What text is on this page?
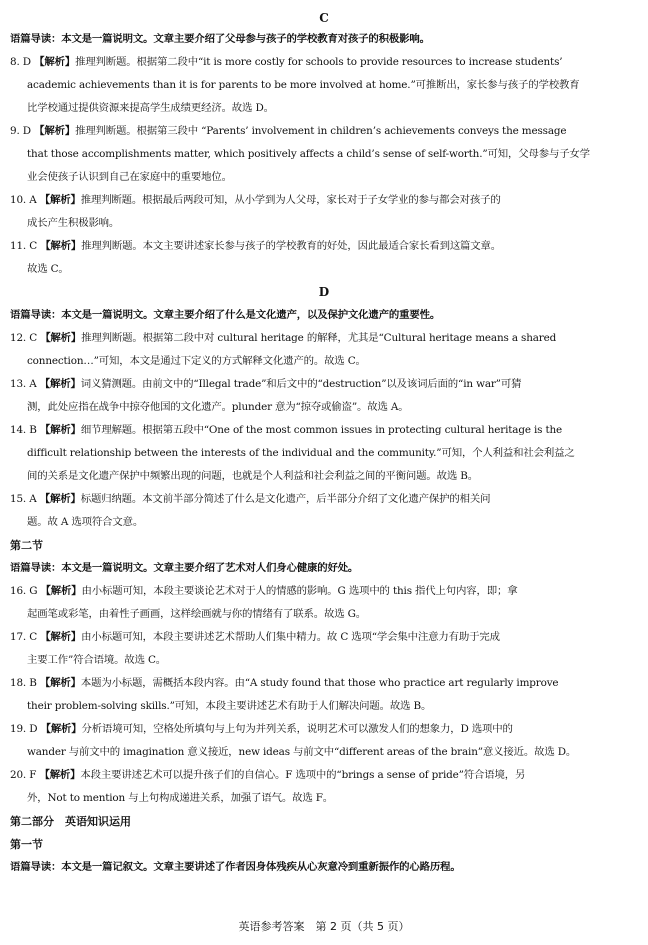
C
语篇导读：本文是一篇说明文。文章主要介绍了父母参与孩子的学校教育对孩子的积极影响。
8. D 【解析】推理判断题。根据第二段中“it is more costly for schools to provide resources to increase students’
academic achievements than it is for parents to be more involved at home.”可推断出，家长参与孩子的学校教育
比学校通过提供资源来提高学生成绩更经济。故选 D。
9. D 【解析】推理判断题。根据第三段中 “Parents’ involvement in children’s achievements conveys the message
that those accomplishments matter, which positively affects a child’s sense of self-worth.”可知，父母参与子女学
业会使孩子认识到自己在家庭中的重要地位。
10. A 【解析】推理判断题。根据最后两段可知，从小学到为人父母，家长对于子女学业的参与都会对孩子的
成长产生积极影响。
11. C 【解析】推理判断题。本文主要讲述家长参与孩子的学校教育的好处，因此最适合家长看到这篇文章。
故选 C。
D
语篇导读：本文是一篇说明文。文章主要介绍了什么是文化遗产，以及保护文化遗产的重要性。
12. C 【解析】推理判断题。根据第二段中对 cultural heritage 的解释，尤其是“Cultural heritage means a shared
connection…”可知，本文是通过下定义的方式解释文化遗产的。故选 C。
13. A 【解析】词义猜测题。由前文中的“Illegal trade”和后文中的“destruction”以及该词后面的“in war”可猜
测，此处应指在战争中掠夺他国的文化遗产。plunder 意为“掠夺或偷盗”。故选 A。
14. B 【解析】细节理解题。根据第五段中“One of the most common issues in protecting cultural heritage is the
difficult relationship between the interests of the individual and the community.”可知，个人利益和社会利益之
间的关系是文化遗产保护中频繁出现的问题，也就是个人利益和社会利益之间的平衡问题。故选 B。
15. A 【解析】标题归纳题。本文前半部分简述了什么是文化遗产，后半部分介绍了文化遗产保护的相关问
题。故 A 选项符合文意。
第二节
语篇导读：本文是一篇说明文。文章主要介绍了艺术对人们身心健康的好处。
16. G 【解析】由小标题可知，本段主要谈论艺术对于人的情感的影响。G 选项中的 this 指代上句内容，即；拿
起画笔或彩笔，由着性子画画，这样绘画就与你的情绪有了联系。故选 G。
17. C 【解析】由小标题可知，本段主要讲述艺术帮助人们集中精力。故 C 选项“学会集中注意力有助于完成
主要工作”符合语境。故选 C。
18. B 【解析】本题为小标题，需概括本段内容。由“A study found that those who practice art regularly improve
their problem-solving skills.”可知，本段主要讲述艺术有助于人们解决问题。故选 B。
19. D 【解析】分析语境可知，空格处所填句与上句为并列关系，说明艺术可以激发人们的想象力，D 选项中的
wander 与前文中的 imagination 意义接近，new ideas 与前文中“different areas of the brain”意义接近。故选 D。
20. F 【解析】本段主要讲述艺术可以提升孩子们的自信心。F 选项中的“brings a sense of pride”符合语境，另
外，Not to mention 与上句构成递进关系，加强了语气。故选 F。
第二部分　英语知识运用
第一节
语篇导读：本文是一篇记叙文。文章主要讲述了作者因身体残疾从心灰意冷到重新振作的心路历程。
英语参考答案　第 2 页（共 5 页）
